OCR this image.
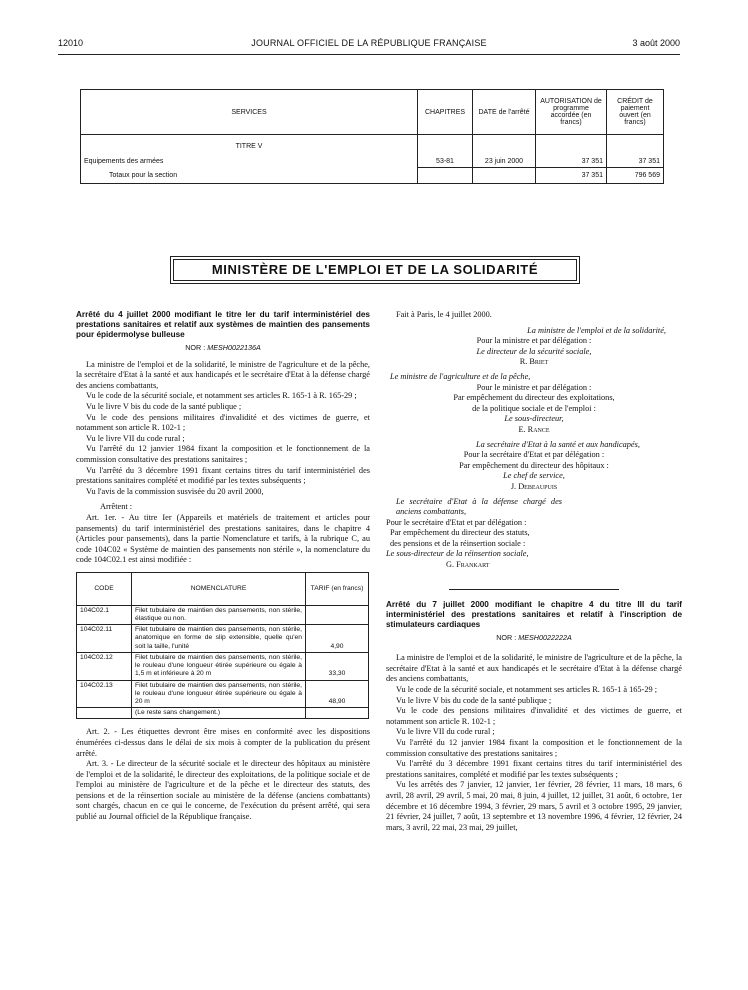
12010	JOURNAL OFFICIEL DE LA RÉPUBLIQUE FRANÇAISE	3 août 2000
SERVICES	CHAPITRES	DATE de l'arrêté	AUTORISATION de programme accordée (en francs)	CRÉDIT de paiement ouvert (en francs)

TITRE V
Equipements des armées	53-81	23 juin 2000	37 351	37 351
Totaux pour la section			37 351	796 569
MINISTÈRE DE L'EMPLOI ET DE LA SOLIDARITÉ

Arrêté du 4 juillet 2000 modifiant le titre Ier du tarif interministériel des prestations sanitaires et relatif aux systèmes de maintien des pansements pour épidermolyse bulleuse

NOR : MESH0022136A

La ministre de l'emploi et de la solidarité, le ministre de l'agriculture et de la pêche, la secrétaire d'Etat à la santé et aux handicapés et le secrétaire d'Etat à la défense chargé des anciens combattants,

Vu le code de la sécurité sociale, et notamment ses articles R. 165-1 à R. 165-29 ;

Vu le livre V bis du code de la santé publique ;

Vu le code des pensions militaires d'invalidité et des victimes de guerre, et notamment son article R. 102-1 ;

Vu le livre VII du code rural ;

Vu l'arrêté du 12 janvier 1984 fixant la composition et le fonctionnement de la commission consultative des prestations sanitaires ;

Vu l'arrêté du 3 décembre 1991 fixant certains titres du tarif interministériel des prestations sanitaires complété et modifié par les textes subséquents ;

Vu l'avis de la commission susvisée du 20 avril 2000,

Arrêtent :

Art. 1er. - Au titre Ier (Appareils et matériels de traitement et articles pour pansements) du tarif interministériel des prestations sanitaires, dans le chapitre 4 (Articles pour pansements), dans la partie Nomenclature et tarifs, à la rubrique C, au code 104C02 « Système de maintien des pansements non stérile », la nomenclature du code 104C02.1 est ainsi modifiée :

CODE	NOMENCLATURE	TARIF (en francs)
104C02.1	Filet tubulaire de maintien des pansements, non stérile, élastique ou non.	
104C02.11	Filet tubulaire de maintien des pansements, non stérile, anatomique en forme de slip extensible, quelle qu'en soit la taille, l'unité	4,90
104C02.12	Filet tubulaire de maintien des pansements, non stérile, le rouleau d'une longueur étirée supérieure ou égale à 1,5 m et inférieure à 20 m	33,30
104C02.13	Filet tubulaire de maintien des pansements, non stérile, le rouleau d'une longueur étirée supérieure ou égale à 20 m	48,90
	(Le reste sans changement.)	

Art. 2. - Les étiquettes devront être mises en conformité avec les dispositions énumérées ci-dessus dans le délai de six mois à compter de la publication du présent arrêté.

Art. 3. - Le directeur de la sécurité sociale et le directeur des hôpitaux au ministère de l'emploi et de la solidarité, le directeur des exploitations, de la politique sociale et de l'emploi au ministère de l'agriculture et de la pêche et le directeur des statuts, des pensions et de la réinsertion sociale au ministère de la défense (anciens combattants) sont chargés, chacun en ce qui le concerne, de l'exécution du présent arrêté, qui sera publié au Journal officiel de la République française.

Fait à Paris, le 4 juillet 2000.

La ministre de l'emploi et de la solidarité,

Pour la ministre et par délégation :

Le directeur de la sécurité sociale,

R. Briet

Le ministre de l'agriculture et de la pêche,

Pour le ministre et par délégation :

Par empêchement du directeur des exploitations,

de la politique sociale et de l'emploi :

Le sous-directeur,

E. Rance

La secrétaire d'Etat à la santé et aux handicapés,

Pour la secrétaire d'Etat et par délégation :

Par empêchement du directeur des hôpitaux :

Le chef de service,

J. Debeaupuis

Le secrétaire d'Etat à la défense chargé des anciens combattants,

Pour le secrétaire d'Etat et par délégation :

Par empêchement du directeur des statuts,

des pensions et de la réinsertion sociale :

Le sous-directeur de la réinsertion sociale,

G. Frankart

Arrêté du 7 juillet 2000 modifiant le chapitre 4 du titre III du tarif interministériel des prestations sanitaires et relatif à l'inscription de stimulateurs cardiaques

NOR : MESH0022222A

La ministre de l'emploi et de la solidarité, le ministre de l'agriculture et de la pêche, la secrétaire d'Etat à la santé et aux handicapés et le secrétaire d'Etat à la défense chargé des anciens combattants,

Vu le code de la sécurité sociale, et notamment ses articles R. 165-1 à 165-29 ;

Vu le livre V bis du code de la santé publique ;

Vu le code des pensions militaires d'invalidité et des victimes de guerre, et notamment son article R. 102-1 ;

Vu le livre VII du code rural ;

Vu l'arrêté du 12 janvier 1984 fixant la composition et le fonctionnement de la commission consultative des prestations sanitaires ;

Vu l'arrêté du 3 décembre 1991 fixant certains titres du tarif interministériel des prestations sanitaires, complété et modifié par les textes subséquents ;

Vu les arrêtés des 7 janvier, 12 janvier, 1er février, 28 février, 11 mars, 18 mars, 6 avril, 28 avril, 29 avril, 5 mai, 20 mai, 8 juin, 4 juillet, 12 juillet, 31 août, 6 octobre, 1er décembre et 16 décembre 1994, 3 février, 29 mars, 5 avril et 3 octobre 1995, 29 janvier, 21 février, 24 juillet, 7 août, 13 septembre et 13 novembre 1996, 4 février, 12 février, 24 mars, 3 avril, 22 mai, 23 mai, 29 juillet,
